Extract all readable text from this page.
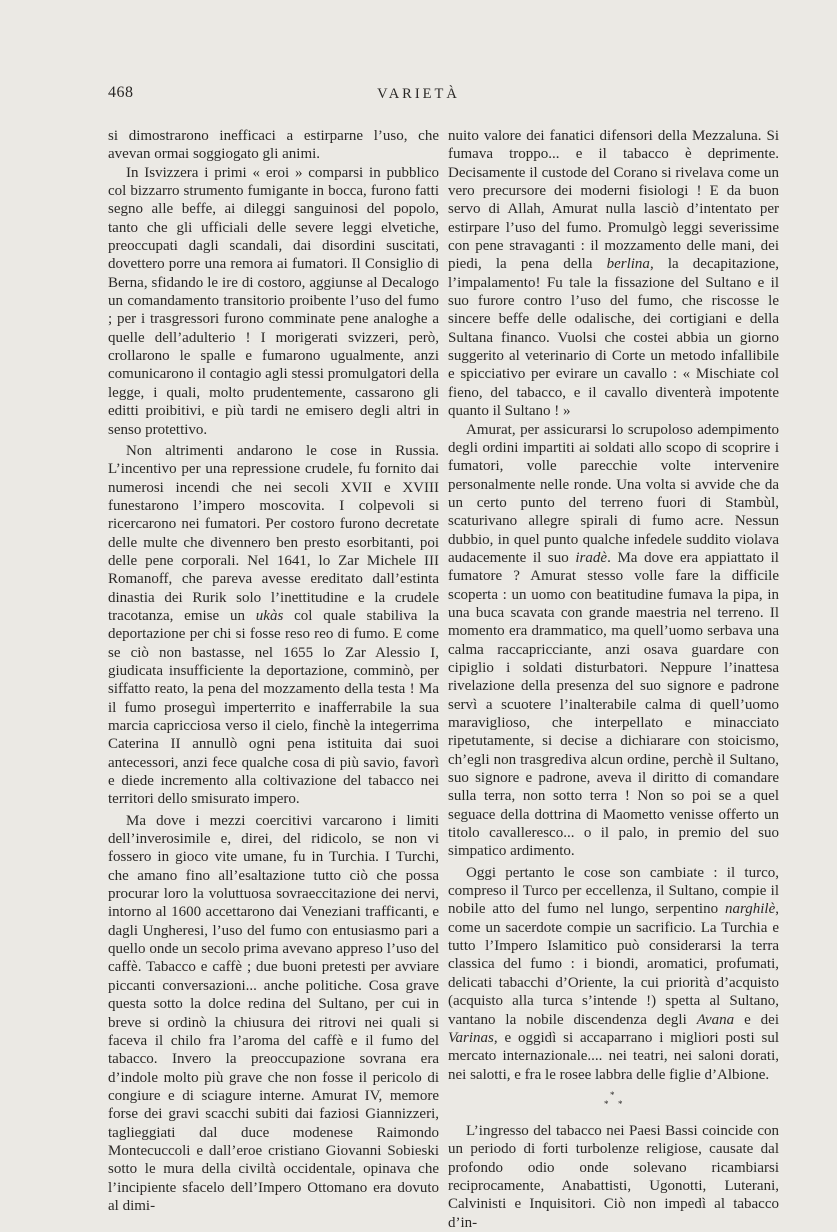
468	VARIETÀ

si dimostrarono inefficaci a estirparne l’uso, che avevan ormai soggiogato gli animi.

In Isvizzera i primi « eroi » comparsi in pubblico col bizzarro strumento fumigante in bocca, furono fatti segno alle beffe, ai dileggi sanguinosi del popolo, tanto che gli ufficiali delle severe leggi elvetiche, preoccupati dagli scandali, dai disordini suscitati, dovettero porre una remora ai fumatori. Il Consiglio di Berna, sfidando le ire di costoro, aggiunse al Decalogo un comandamento transitorio proibente l’uso del fumo ; per i trasgressori furono comminate pene analoghe a quelle dell’adulterio ! I morigerati svizzeri, però, crollarono le spalle e fumarono ugualmente, anzi comunicarono il contagio agli stessi promulgatori della legge, i quali, molto prudentemente, cassarono gli editti proibitivi, e più tardi ne emisero degli altri in senso protettivo.

Non altrimenti andarono le cose in Russia. L’incentivo per una repressione crudele, fu fornito dai numerosi incendi che nei secoli XVII e XVIII funestarono l’impero moscovita. I colpevoli si ricercarono nei fumatori. Per costoro furono decretate delle multe che divennero ben presto esorbitanti, poi delle pene corporali. Nel 1641, lo Zar Michele III Romanoff, che pareva avesse ereditato dall’estinta dinastia dei Rurik solo l’inettitudine e la crudele tracotanza, emise un ukàs col quale stabiliva la deportazione per chi si fosse reso reo di fumo. E come se ciò non bastasse, nel 1655 lo Zar Alessio I, giudicata insufficiente la deportazione, comminò, per siffatto reato, la pena del mozzamento della testa ! Ma il fumo proseguì imperterrito e inafferrabile la sua marcia capricciosa verso il cielo, finchè la integerrima Caterina II annullò ogni pena istituita dai suoi antecessori, anzi fece qualche cosa di più savio, favorì e diede incremento alla coltivazione del tabacco nei territori dello smisurato impero.

Ma dove i mezzi coercitivi varcarono i limiti dell’inverosimile e, direi, del ridicolo, se non vi fossero in gioco vite umane, fu in Turchia. I Turchi, che amano fino all’esaltazione tutto ciò che possa procurar loro la voluttuosa sovraeccitazione dei nervi, intorno al 1600 accettarono dai Veneziani trafficanti, e dagli Ungheresi, l’uso del fumo con entusiasmo pari a quello onde un secolo prima avevano appreso l’uso del caffè. Tabacco e caffè ; due buoni pretesti per avviare piccanti conversazioni... anche politiche. Cosa grave questa sotto la dolce redina del Sultano, per cui in breve si ordinò la chiusura dei ritrovi nei quali si faceva il chilo fra l’aroma del caffè e il fumo del tabacco. Invero la preoccupazione sovrana era d’indole molto più grave che non fosse il pericolo di congiure e di sciagure interne. Amurat IV, memore forse dei gravi scacchi subiti dai faziosi Giannizzeri, taglieggiati dal duce modenese Raimondo Montecuccoli e dall’eroe cristiano Giovanni Sobieski sotto le mura della civiltà occidentale, opinava che l’incipiente sfacelo dell’Impero Ottomano era dovuto al dimi-

nuito valore dei fanatici difensori della Mezzaluna. Si fumava troppo... e il tabacco è deprimente. Decisamente il custode del Corano si rivelava come un vero precursore dei moderni fisiologi ! E da buon servo di Allah, Amurat nulla lasciò d’intentato per estirpare l’uso del fumo. Promulgò leggi severissime con pene stravaganti : il mozzamento delle mani, dei piedi, la pena della berlina, la decapitazione, l’impalamento! Fu tale la fissazione del Sultano e il suo furore contro l’uso del fumo, che riscosse le sincere beffe delle odalische, dei cortigiani e della Sultana financo. Vuolsi che costei abbia un giorno suggerito al veterinario di Corte un metodo infallibile e spicciativo per evirare un cavallo : « Mischiate col fieno, del tabacco, e il cavallo diventerà impotente quanto il Sultano ! »

Amurat, per assicurarsi lo scrupoloso adempimento degli ordini impartiti ai soldati allo scopo di scoprire i fumatori, volle parecchie volte intervenire personalmente nelle ronde. Una volta si avvide che da un certo punto del terreno fuori di Stambùl, scaturivano allegre spirali di fumo acre. Nessun dubbio, in quel punto qualche infedele suddito violava audacemente il suo iradè. Ma dove era appiattato il fumatore ? Amurat stesso volle fare la difficile scoperta : un uomo con beatitudine fumava la pipa, in una buca scavata con grande maestria nel terreno. Il momento era drammatico, ma quell’uomo serbava una calma raccapricciante, anzi osava guardare con cipiglio i soldati disturbatori. Neppure l’inattesa rivelazione della presenza del suo signore e padrone servì a scuotere l’inalterabile calma di quell’uomo maraviglioso, che interpellato e minacciato ripetutamente, si decise a dichiarare con stoicismo, ch’egli non trasgrediva alcun ordine, perchè il Sultano, suo signore e padrone, aveva il diritto di comandare sulla terra, non sotto terra ! Non so poi se a quel seguace della dottrina di Maometto venisse offerto un titolo cavalleresco... o il palo, in premio del suo simpatico ardimento.

Oggi pertanto le cose son cambiate : il turco, compreso il Turco per eccellenza, il Sultano, compie il nobile atto del fumo nel lungo, serpentino narghilè, come un sacerdote compie un sacrificio. La Turchia e tutto l’Impero Islamitico può considerarsi la terra classica del fumo : i biondi, aromatici, profumati, delicati tabacchi d’Oriente, la cui priorità d’acquisto (acquisto alla turca s’intende !) spetta al Sultano, vantano la nobile discendenza degli Avana e dei Varinas, e oggidì si accaparrano i migliori posti sul mercato internazionale.... nei teatri, nei saloni dorati, nei salotti, e fra le rosee labbra delle figlie d’Albione.

*
* *

L’ingresso del tabacco nei Paesi Bassi coincide con un periodo di forti turbolenze religiose, causate dal profondo odio onde solevano ricambiarsi reciprocamente, Anabattisti, Ugonotti, Luterani, Calvinisti e Inquisitori. Ciò non impedì al tabacco d’in-
